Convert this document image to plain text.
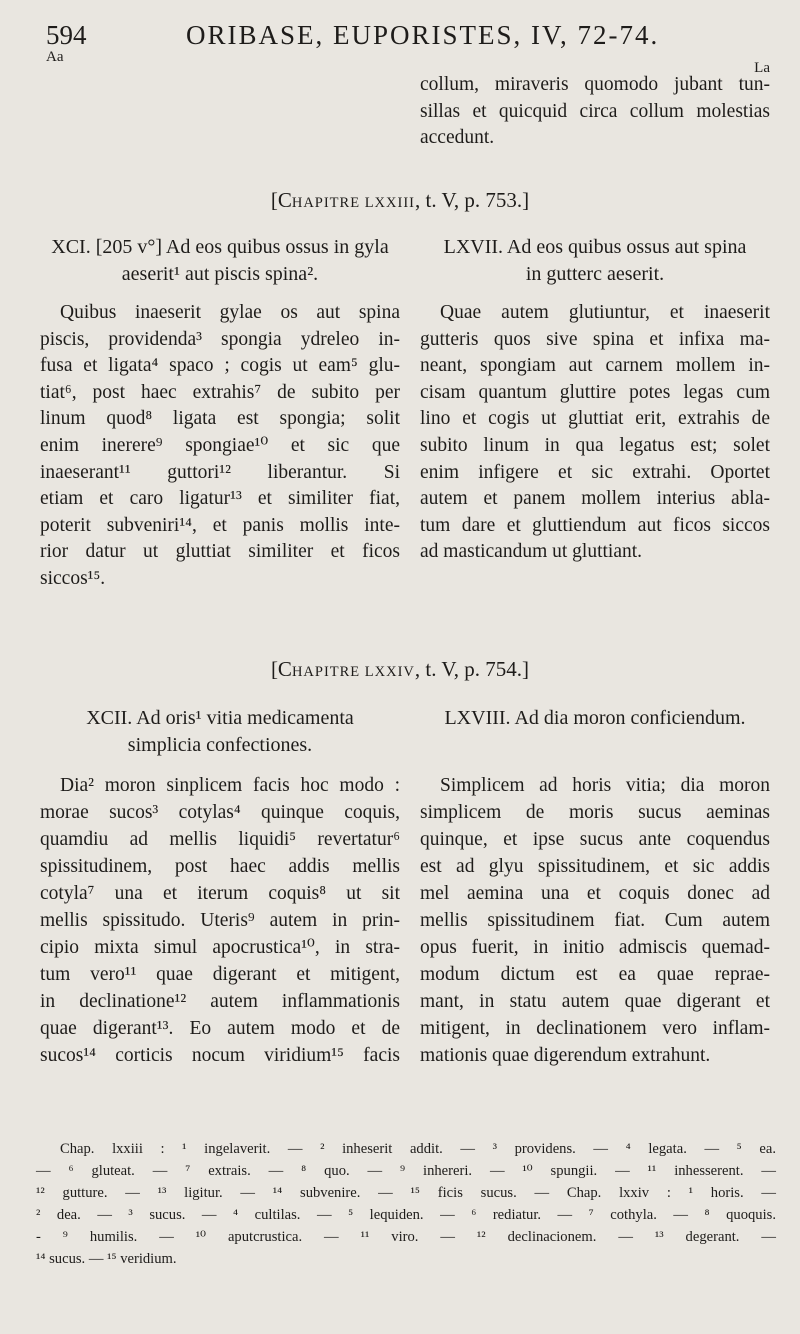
594	ORIBASE, EUPORISTES, IV, 72-74.
Aa
La
collum, miraveris quomodo jubant tun-
sillas et quicquid circa collum molestias
accedunt.
[CHAPITRE LXXIII, t. V, p. 753.]
XCI. [205 v°] Ad eos quibus ossus in gyla
aeserit¹ aut piscis spina².
LXVII. Ad eos quibus ossus aut spina
in gutterc aeserit.
Quibus inaeserit gylae os aut spina
piscis, providenda³ spongia ydreleo in-
fusa et ligata⁴ spaco ; cogis ut eam⁵ glu-
tiat⁶, post haec extrahis⁷ de subito per
linum quod⁸ ligata est spongia; solit
enim inerere⁹ spongiae¹⁰ et sic que
inaeserant¹¹ guttori¹² liberantur. Si
etiam et caro ligatur¹³ et similiter fiat,
poterit subveniri¹⁴, et panis mollis inte-
rior datur ut gluttiat similiter et ficos
siccos¹⁵.
Quae autem glutiuntur, et inaeserit
gutteris quos sive spina et infixa ma-
neant, spongiam aut carnem mollem in-
cisam quantum gluttire potes legas cum
lino et cogis ut gluttiat erit, extrahis de
subito linum in qua legatus est; solet
enim infigere et sic extrahi. Oportet
autem et panem mollem interius abla-
tum dare et gluttiendum aut ficos siccos
ad masticandum ut gluttiant.
[CHAPITRE LXXIV, t. V, p. 754.]
XCII. Ad oris¹ vitia medicamenta
simplicia confectiones.
LXVIII. Ad dia moron conficiendum.
Dia² moron sinplicem facis hoc modo :
morae sucos³ cotylas⁴ quinque coquis,
quamdiu ad mellis liquidi⁵ revertatur⁶
spissitudinem, post haec addis mellis
cotyla⁷ una et iterum coquis⁸ ut sit
mellis spissitudo. Uteris⁹ autem in prin-
cipio mixta simul apocrustica¹⁰, in stra-
tum vero¹¹ quae digerant et mitigent,
in declinatione¹² autem inflammationis
quae digerant¹³. Eo autem modo et de
sucos¹⁴ corticis nocum viridium¹⁵ facis
Simplicem ad horis vitia; dia moron
simplicem de moris sucus aeminas
quinque, et ipse sucus ante coquendus
est ad glyu spissitudinem, et sic addis
mel aemina una et coquis donec ad
mellis spissitudinem fiat. Cum autem
opus fuerit, in initio admiscis quemad-
modum dictum est ea quae reprae-
mant, in statu autem quae digerant et
mitigent, in declinationem vero inflam-
mationis quae digerendum extrahunt.
Chap. lxxiii : ¹ ingelaverit. — ² inheserit addit. — ³ providens. — ⁴ legata. — ⁵ ea.
— ⁶ gluteat. — ⁷ extrais. — ⁸ quo. — ⁹ inhereri. — ¹⁰ spungii. — ¹¹ inhesserent. —
¹² gutture. — ¹³ ligitur. — ¹⁴ subvenire. — ¹⁵ ficis sucus. — Chap. lxxiv : ¹ horis. —
² dea. — ³ sucus. — ⁴ cultilas. — ⁵ lequiden. — ⁶ rediatur. — ⁷ cothyla. — ⁸ quoquis.
- ⁹ humilis. — ¹⁰ aputcrustica. — ¹¹ viro. — ¹² declinacionem. — ¹³ degerant. —
¹⁴ sucus. — ¹⁵ veridium.
